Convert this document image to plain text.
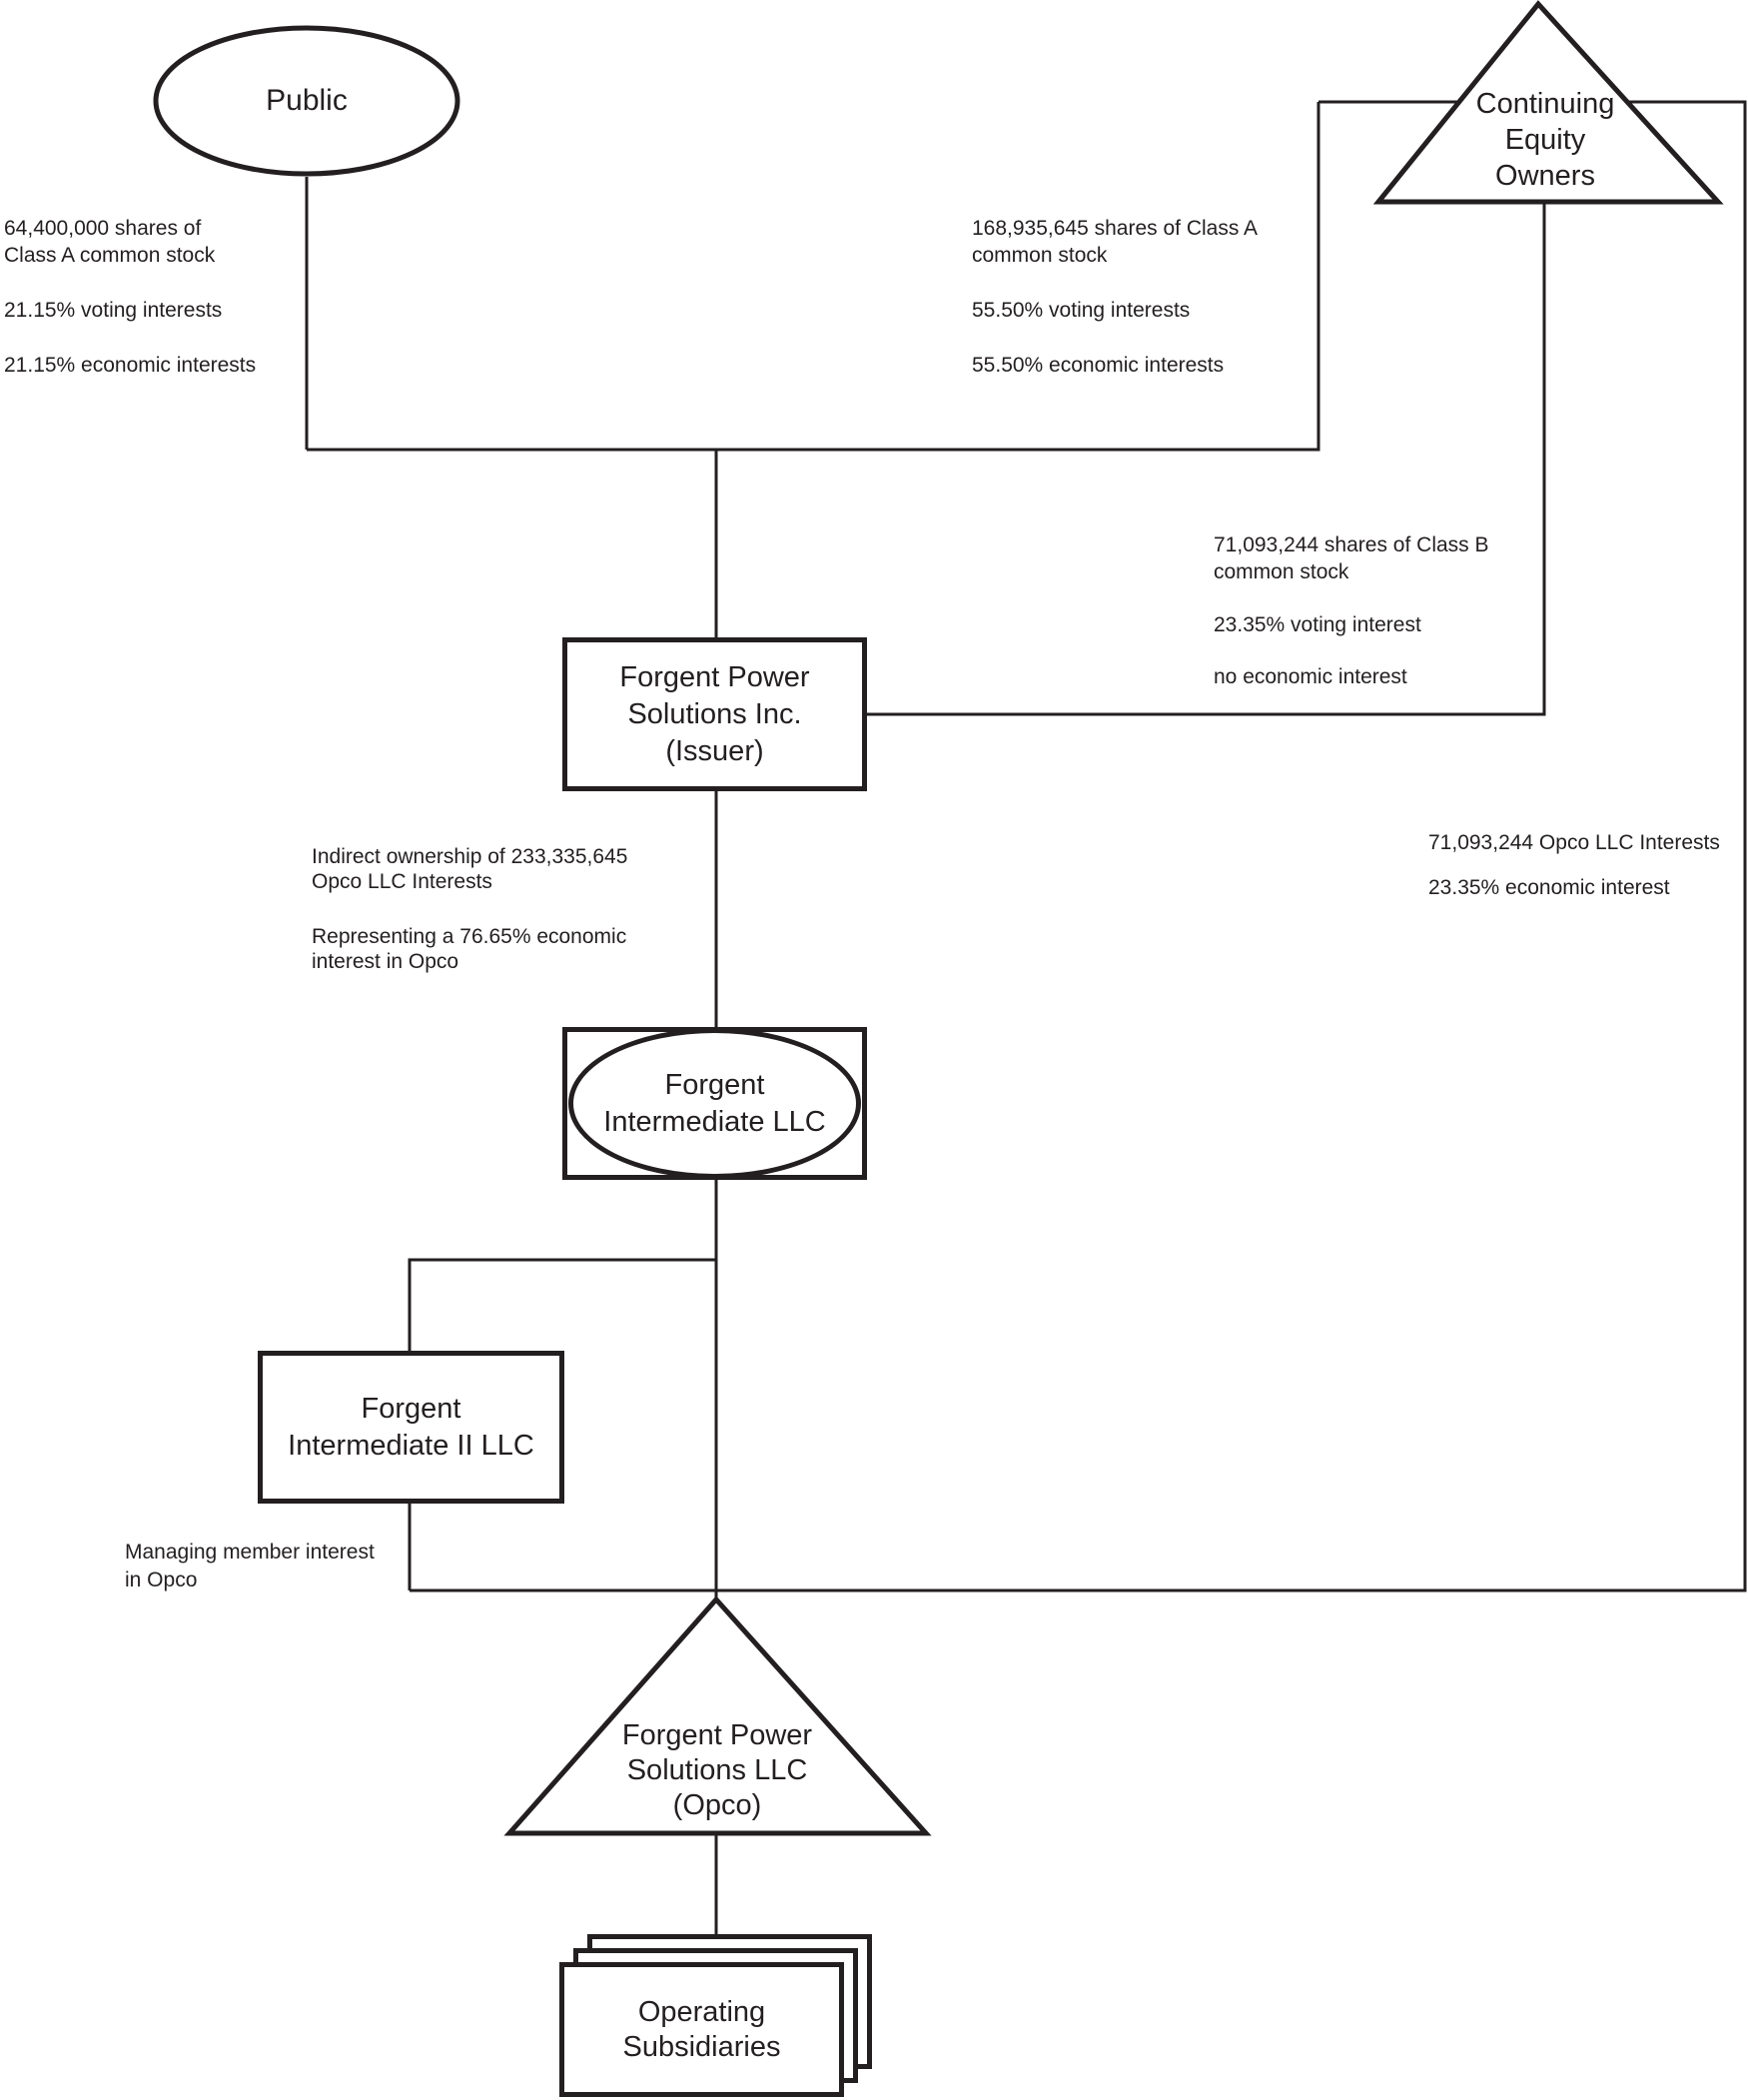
Public	Continuing
Equity
Owners
Forgent Power
Solutions Inc.
(Issuer)
Forgent
Intermediate LLC
Forgent
Intermediate II LLC
Forgent Power
Solutions LLC
(Opco)
Operating
Subsidiaries
64,400,000 shares of
Class A common stock
21.15% voting interests
21.15% economic interests
168,935,645 shares of Class A
common stock
55.50% voting interests
55.50% economic interests
71,093,244 shares of Class B
common stock
23.35% voting interest
no economic interest
71,093,244 Opco LLC Interests
23.35% economic interest
Indirect ownership of 233,335,645
Opco LLC Interests
Representing a 76.65% economic
interest in Opco
Managing member interest
in Opco
